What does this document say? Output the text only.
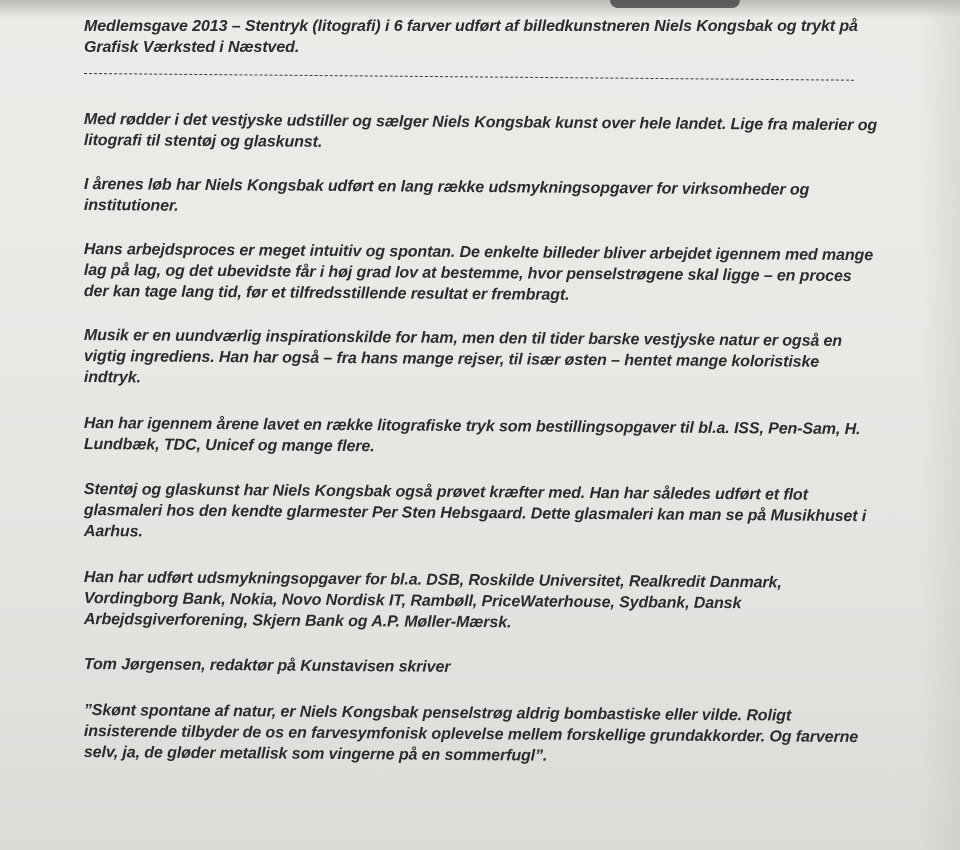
Medlemsgave 2013 – Stentryk (litografi) i 6 farver udført af billedkunstneren Niels Kongsbak og trykt på
Grafisk Værksted i Næstved.
Med rødder i det vestjyske udstiller og sælger Niels Kongsbak kunst over hele landet. Lige fra malerier og
litografi til stentøj og glaskunst.
I årenes løb har Niels Kongsbak udført en lang række udsmykningsopgaver for virksomheder og
institutioner.
Hans arbejdsproces er meget intuitiv og spontan. De enkelte billeder bliver arbejdet igennem med mange
lag på lag, og det ubevidste får i høj grad lov at bestemme, hvor penselstrøgene skal ligge – en proces
der kan tage lang tid, før et tilfredsstillende resultat er frembragt.
Musik er en uundværlig inspirationskilde for ham, men den til tider barske vestjyske natur er også en
vigtig ingrediens. Han har også – fra hans mange rejser, til især østen – hentet mange koloristiske
indtryk.
Han har igennem årene lavet en række litografiske tryk som bestillingsopgaver til bl.a. ISS, Pen-Sam, H.
Lundbæk, TDC, Unicef og mange flere.
Stentøj og glaskunst har Niels Kongsbak også prøvet kræfter med. Han har således udført et flot
glasmaleri hos den kendte glarmester Per Sten Hebsgaard. Dette glasmaleri kan man se på Musikhuset i
Aarhus.
Han har udført udsmykningsopgaver for bl.a. DSB, Roskilde Universitet, Realkredit Danmark,
Vordingborg Bank, Nokia, Novo Nordisk IT, Rambøll, PriceWaterhouse, Sydbank, Dansk
Arbejdsgiverforening, Skjern Bank og A.P. Møller-Mærsk.
Tom Jørgensen, redaktør på Kunstavisen skriver
”Skønt spontane af natur, er Niels Kongsbak penselstrøg aldrig bombastiske eller vilde. Roligt
insisterende tilbyder de os en farvesymfonisk oplevelse mellem forskellige grundakkorder. Og farverne
selv, ja, de gløder metallisk som vingerne på en sommerfugl”.
